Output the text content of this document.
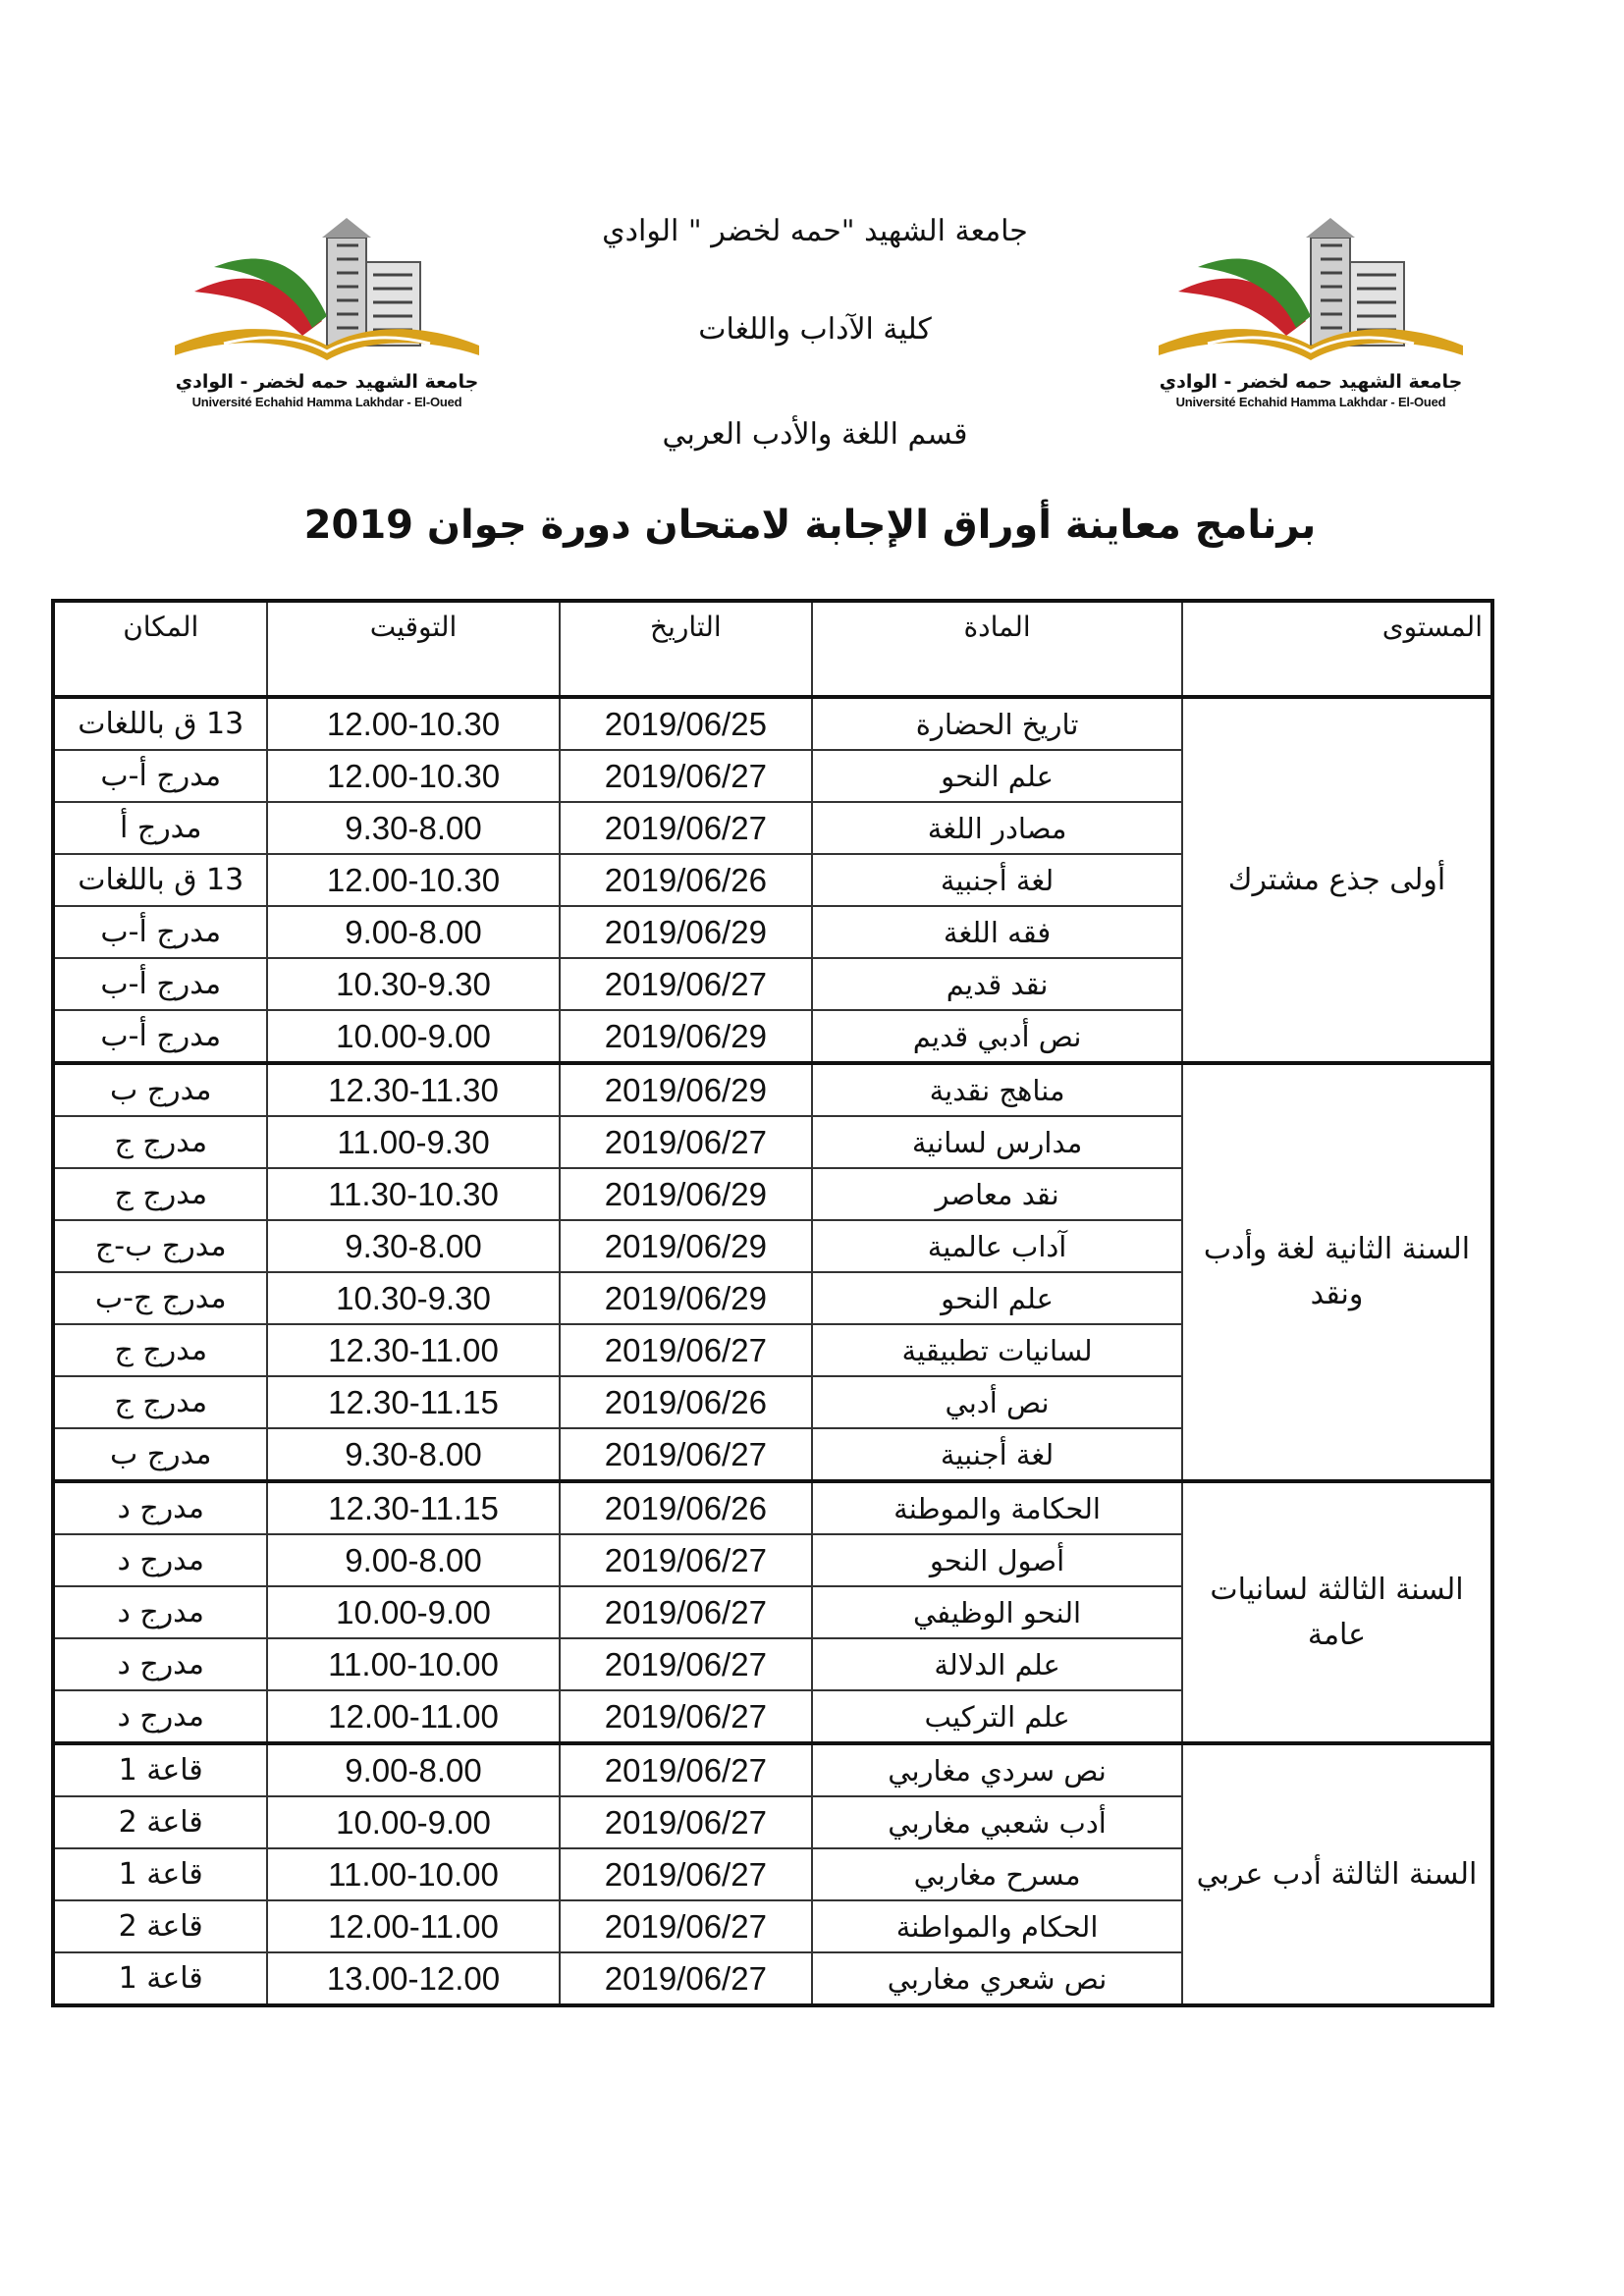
جامعة الشهيد حمه لخضر - الوادي
Université Echahid Hamma Lakhdar - El-Oued
جامعة الشهيد حمه لخضر - الوادي
Université Echahid Hamma Lakhdar - El-Oued
جامعة الشهيد "حمه لخضر " الوادي
كلية الآداب واللغات
قسم اللغة والأدب العربي
برنامج معاينة أوراق الإجابة لامتحان دورة جوان 2019
المستوى	المادة	التاريخ	التوقيت	المكان
أولى جذع مشترك	تاريخ الحضارة	2019/06/25	12.00-10.30	13 ق باللغات
	علم النحو	2019/06/27	12.00-10.30	مدرج أ-ب
	مصادر اللغة	2019/06/27	9.30-8.00	مدرج أ
	لغة أجنبية	2019/06/26	12.00-10.30	13 ق باللغات
	فقه اللغة	2019/06/29	9.00-8.00	مدرج أ-ب
	نقد قديم	2019/06/27	10.30-9.30	مدرج أ-ب
	نص أدبي قديم	2019/06/29	10.00-9.00	مدرج أ-ب
السنة الثانية لغة وأدب ونقد	مناهج نقدية	2019/06/29	12.30-11.30	مدرج ب
	مدارس لسانية	2019/06/27	11.00-9.30	مدرج ج
	نقد معاصر	2019/06/29	11.30-10.30	مدرج ج
	آداب عالمية	2019/06/29	9.30-8.00	مدرج ب-ج
	علم النحو	2019/06/29	10.30-9.30	مدرج ج-ب
	لسانيات تطبيقية	2019/06/27	12.30-11.00	مدرج ج
	نص أدبي	2019/06/26	12.30-11.15	مدرج ج
	لغة أجنبية	2019/06/27	9.30-8.00	مدرج ب
السنة الثالثة لسانيات عامة	الحكامة والموطنة	2019/06/26	12.30-11.15	مدرج د
	أصول النحو	2019/06/27	9.00-8.00	مدرج د
	النحو الوظيفي	2019/06/27	10.00-9.00	مدرج د
	علم الدلالة	2019/06/27	11.00-10.00	مدرج د
	علم التركيب	2019/06/27	12.00-11.00	مدرج د
السنة الثالثة أدب عربي	نص سردي مغاربي	2019/06/27	9.00-8.00	قاعة 1
	أدب شعبي مغاربي	2019/06/27	10.00-9.00	قاعة 2
	مسرح مغاربي	2019/06/27	11.00-10.00	قاعة 1
	الحكام والمواطنة	2019/06/27	12.00-11.00	قاعة 2
	نص شعري مغاربي	2019/06/27	13.00-12.00	قاعة 1
